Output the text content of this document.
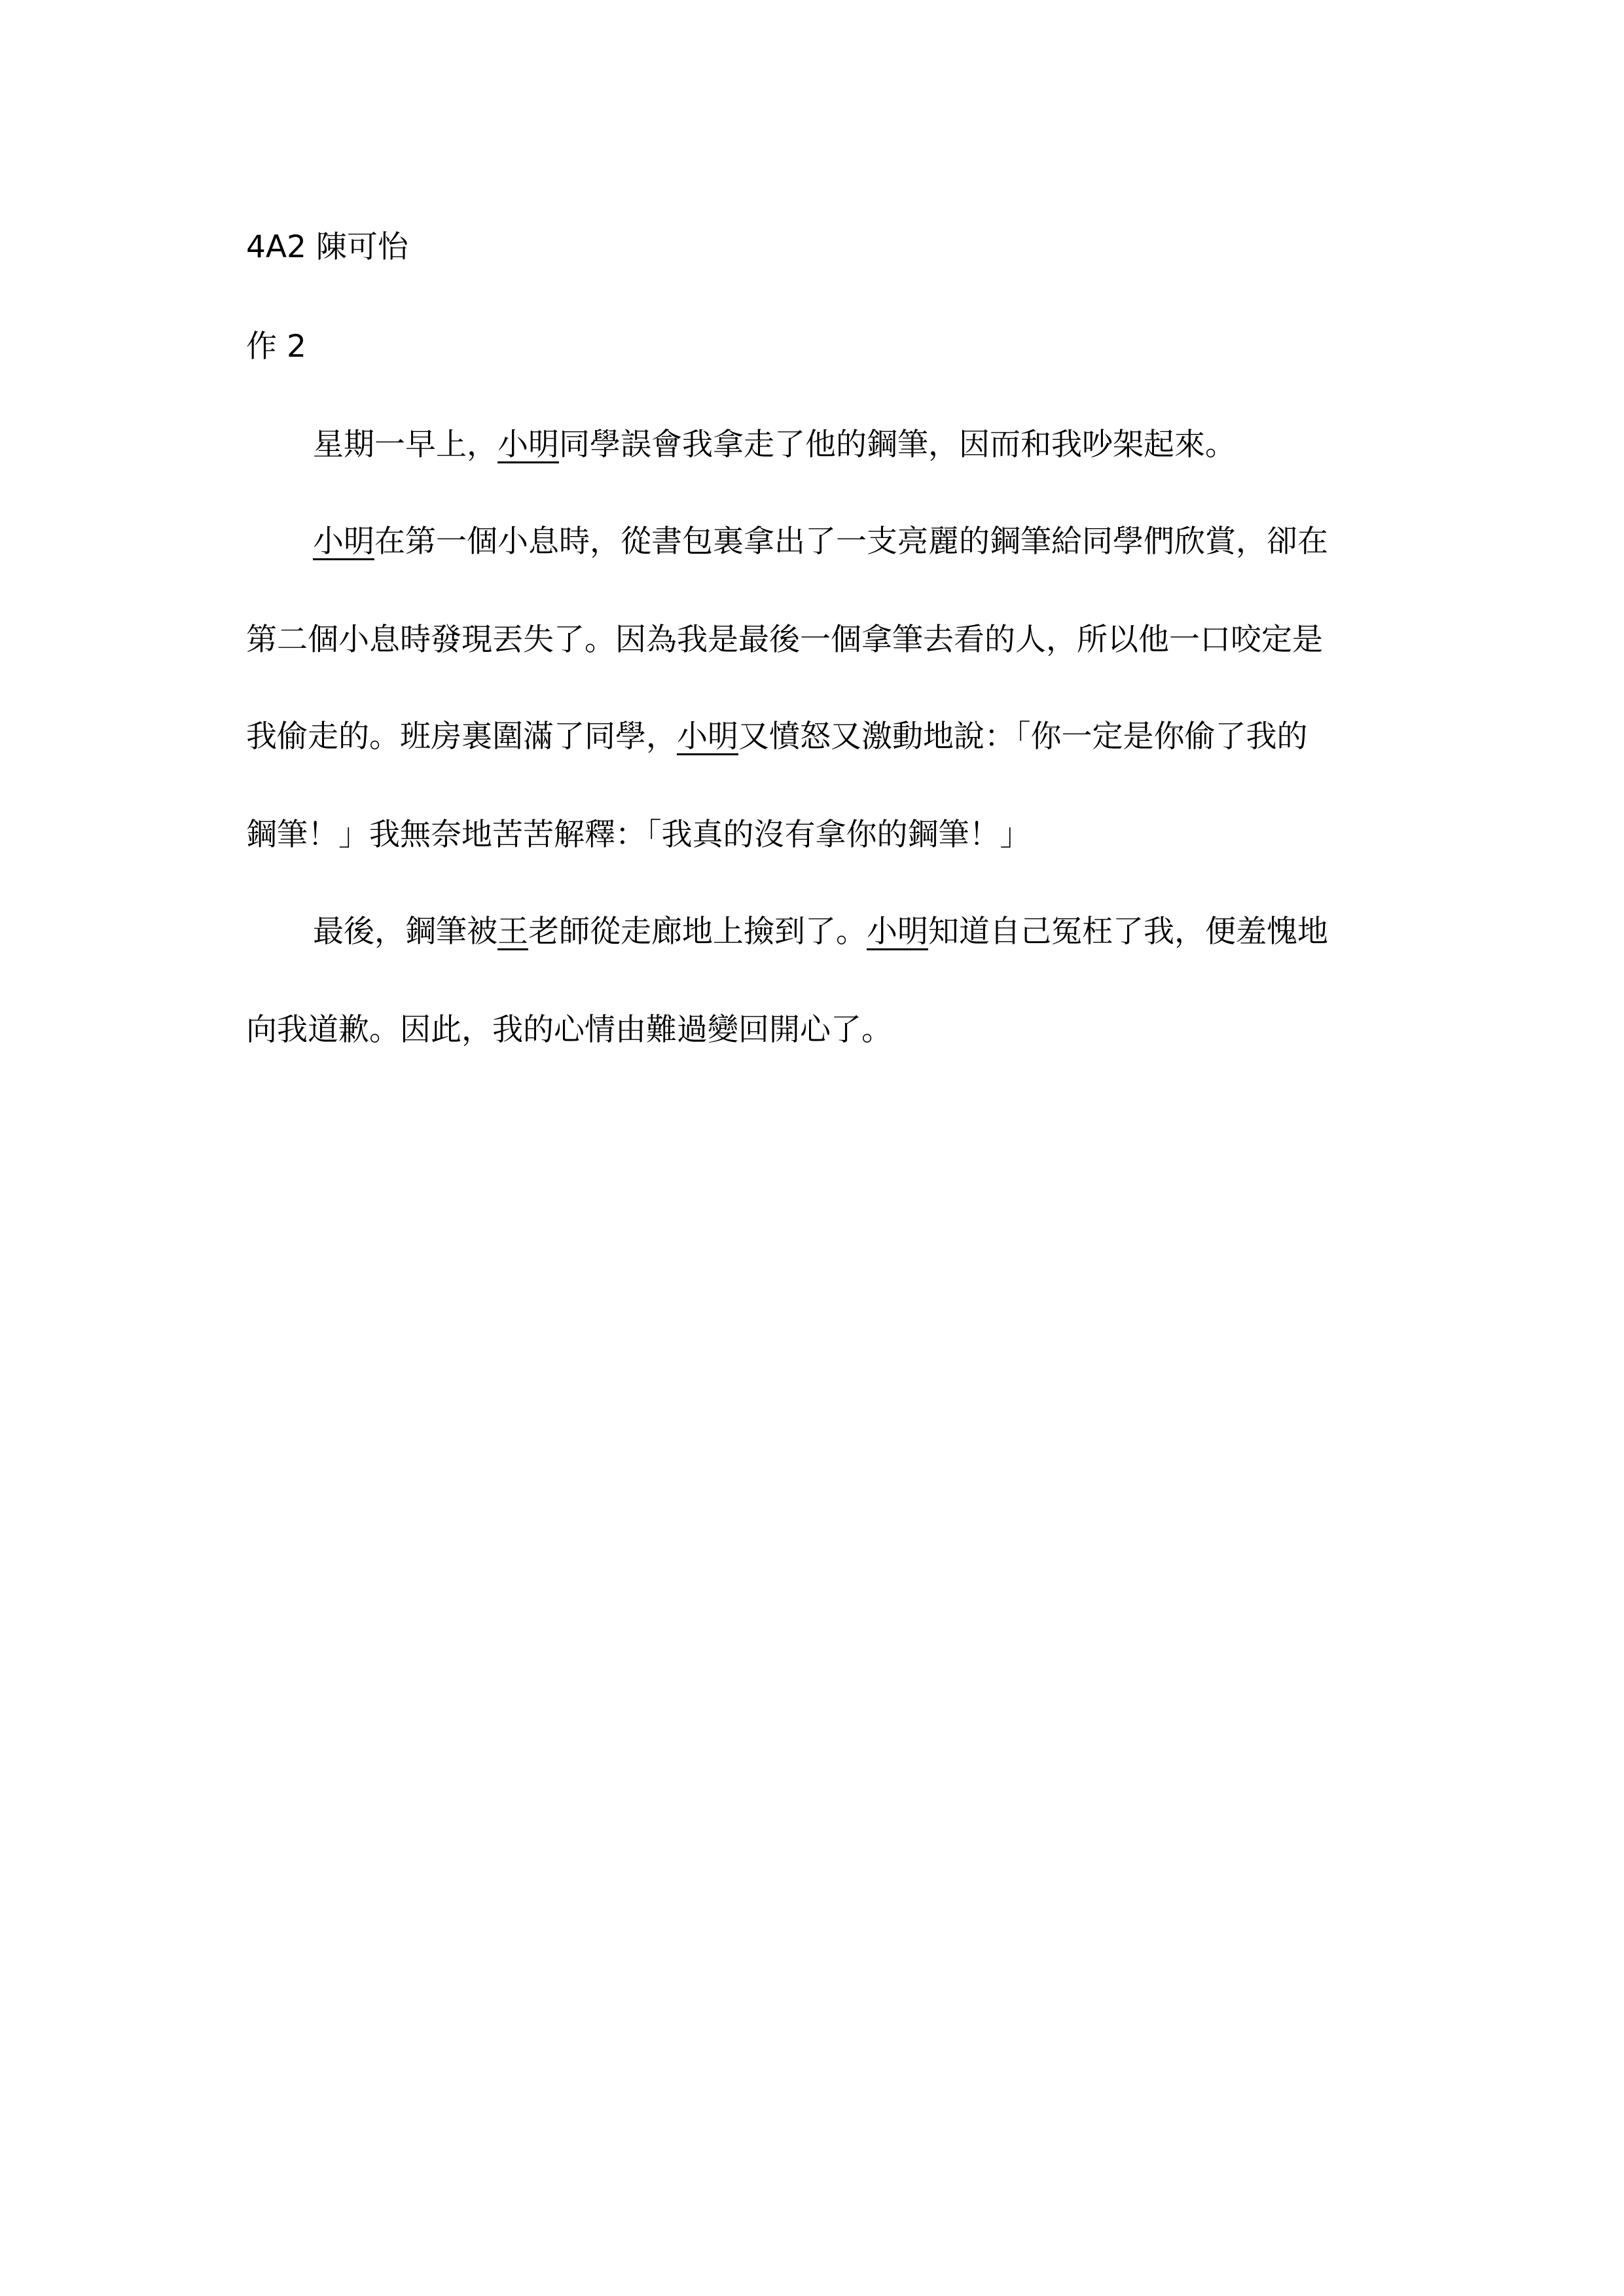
4A2 陳可怡
作 2
星期一早上，小明同學誤會我拿走了他的鋼筆，因而和我吵架起來。
小明在第一個小息時，從書包裏拿出了一支亮麗的鋼筆給同學們欣賞，卻在
第二個小息時發現丟失了。因為我是最後一個拿筆去看的人，所以他一口咬定是
我偷走的。班房裏圍滿了同學，小明又憤怒又激動地說：「你一定是你偷了我的
鋼筆！」我無奈地苦苦解釋：「我真的沒有拿你的鋼筆！」
最後，鋼筆被王老師從走廊地上撿到了。小明知道自己冤枉了我，便羞愧地
向我道歉。因此，我的心情由難過變回開心了。
